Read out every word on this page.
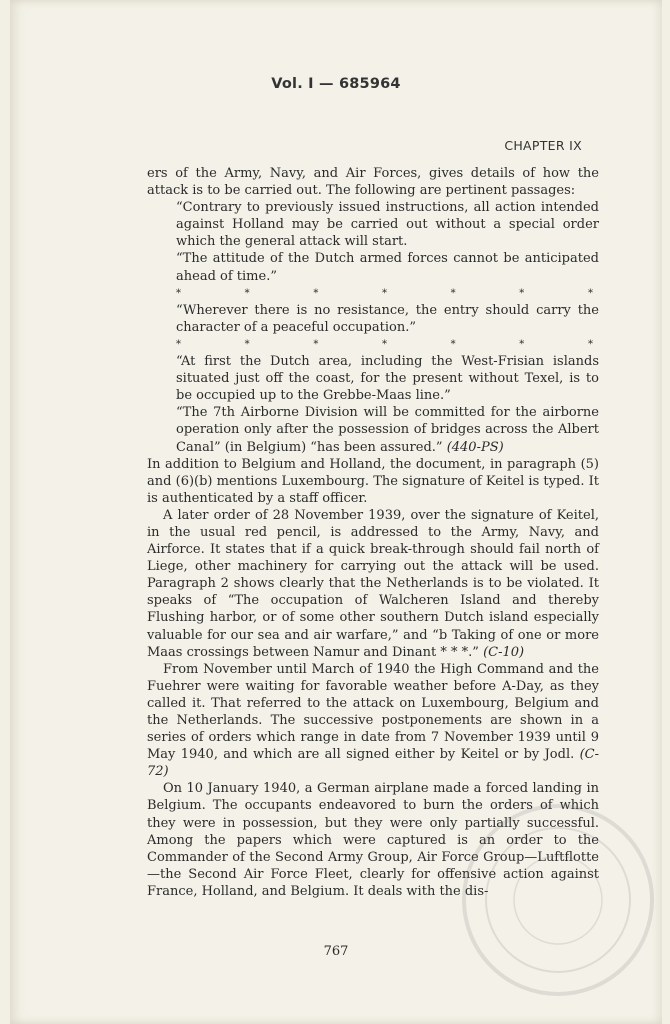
Vol. I — 685964
CHAPTER IX

ers of the Army, Navy, and Air Forces, gives details of how the attack is to be carried out. The following are pertinent passages:

“Contrary to previously issued instructions, all action intended against Holland may be carried out without a special order which the general attack will start.

“The attitude of the Dutch armed forces cannot be anticipated ahead of time.”

*	*	*	*	*	*	*

“Wherever there is no resistance, the entry should carry the character of a peaceful occupation.”

*	*	*	*	*	*	*

“At first the Dutch area, including the West-Frisian islands situated just off the coast, for the present without Texel, is to be occupied up to the Grebbe-Maas line.”

“The 7th Airborne Division will be committed for the airborne operation only after the possession of bridges across the Albert Canal” (in Belgium) “has been assured.” (440-PS)

In addition to Belgium and Holland, the document, in paragraph (5) and (6)(b) mentions Luxembourg. The signature of Keitel is typed. It is authenticated by a staff officer.

A later order of 28 November 1939, over the signature of Keitel, in the usual red pencil, is addressed to the Army, Navy, and Airforce. It states that if a quick break-through should fail north of Liege, other machinery for carrying out the attack will be used. Paragraph 2 shows clearly that the Netherlands is to be violated. It speaks of “The occupation of Walcheren Island and thereby Flushing harbor, or of some other southern Dutch island especially valuable for our sea and air warfare,” and “b Taking of one or more Maas crossings between Namur and Dinant * * *.” (C-10)

From November until March of 1940 the High Command and the Fuehrer were waiting for favorable weather before A-Day, as they called it. That referred to the attack on Luxembourg, Belgium and the Netherlands. The successive postponements are shown in a series of orders which range in date from 7 November 1939 until 9 May 1940, and which are all signed either by Keitel or by Jodl. (C-72)

On 10 January 1940, a German airplane made a forced landing in Belgium. The occupants endeavored to burn the orders of which they were in possession, but they were only partially successful. Among the papers which were captured is an order to the Commander of the Second Army Group, Air Force Group—Luftflotte—the Second Air Force Fleet, clearly for offensive action against France, Holland, and Belgium. It deals with the dis-

767
